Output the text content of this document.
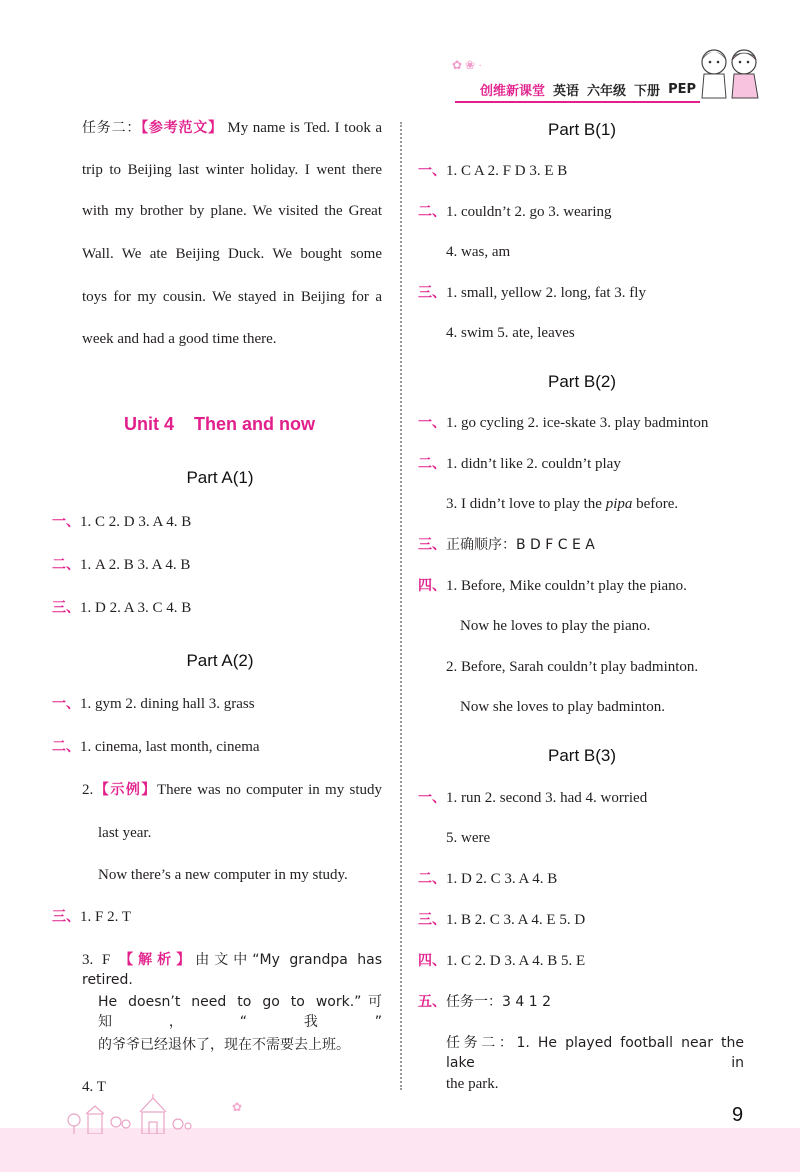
✿ ❀ ·
创维新课堂 英语 六年级 下册 PEP
任务二：【参考范文】 My name is Ted. I took a
trip to Beijing last winter holiday. I went there
with my brother by plane. We visited the Great
Wall. We ate Beijing Duck. We bought some
toys for my cousin. We stayed in Beijing for a
week and had a good time there.
Unit 4    Then and now
Part A(1)
一、1. C 2. D 3. A 4. B
二、1. A 2. B 3. A 4. B
三、1. D 2. A 3. C 4. B
Part A(2)
一、1. gym 2. dining hall 3. grass
二、1. cinema, last month, cinema
2.【示例】There was no computer in my study
last year.
Now there’s a new computer in my study.
三、1. F 2. T
3. F 【解析】由文中“My grandpa has retired.
He doesn’t need to go to work.”可知，“我”
的爷爷已经退休了，现在不需要去上班。
4. T
Part B(1)
一、1. C A 2. F D 3. E B
二、1. couldn’t 2. go 3. wearing
4. was, am
三、1. small, yellow 2. long, fat 3. fly
4. swim 5. ate, leaves
Part B(2)
一、1. go cycling 2. ice-skate 3. play badminton
二、1. didn’t like 2. couldn’t play
3. I didn’t love to play the pipa before.
三、正确顺序：B D F C E A
四、1. Before, Mike couldn’t play the piano.
Now he loves to play the piano.
2. Before, Sarah couldn’t play badminton.
Now she loves to play badminton.
Part B(3)
一、1. run 2. second 3. had 4. worried
5. were
二、1. D 2. C 3. A 4. B
三、1. B 2. C 3. A 4. E 5. D
四、1. C 2. D 3. A 4. B 5. E
五、任务一：3 4 1 2
任务二：1. He played football near the lake in
the park.
✿	9
